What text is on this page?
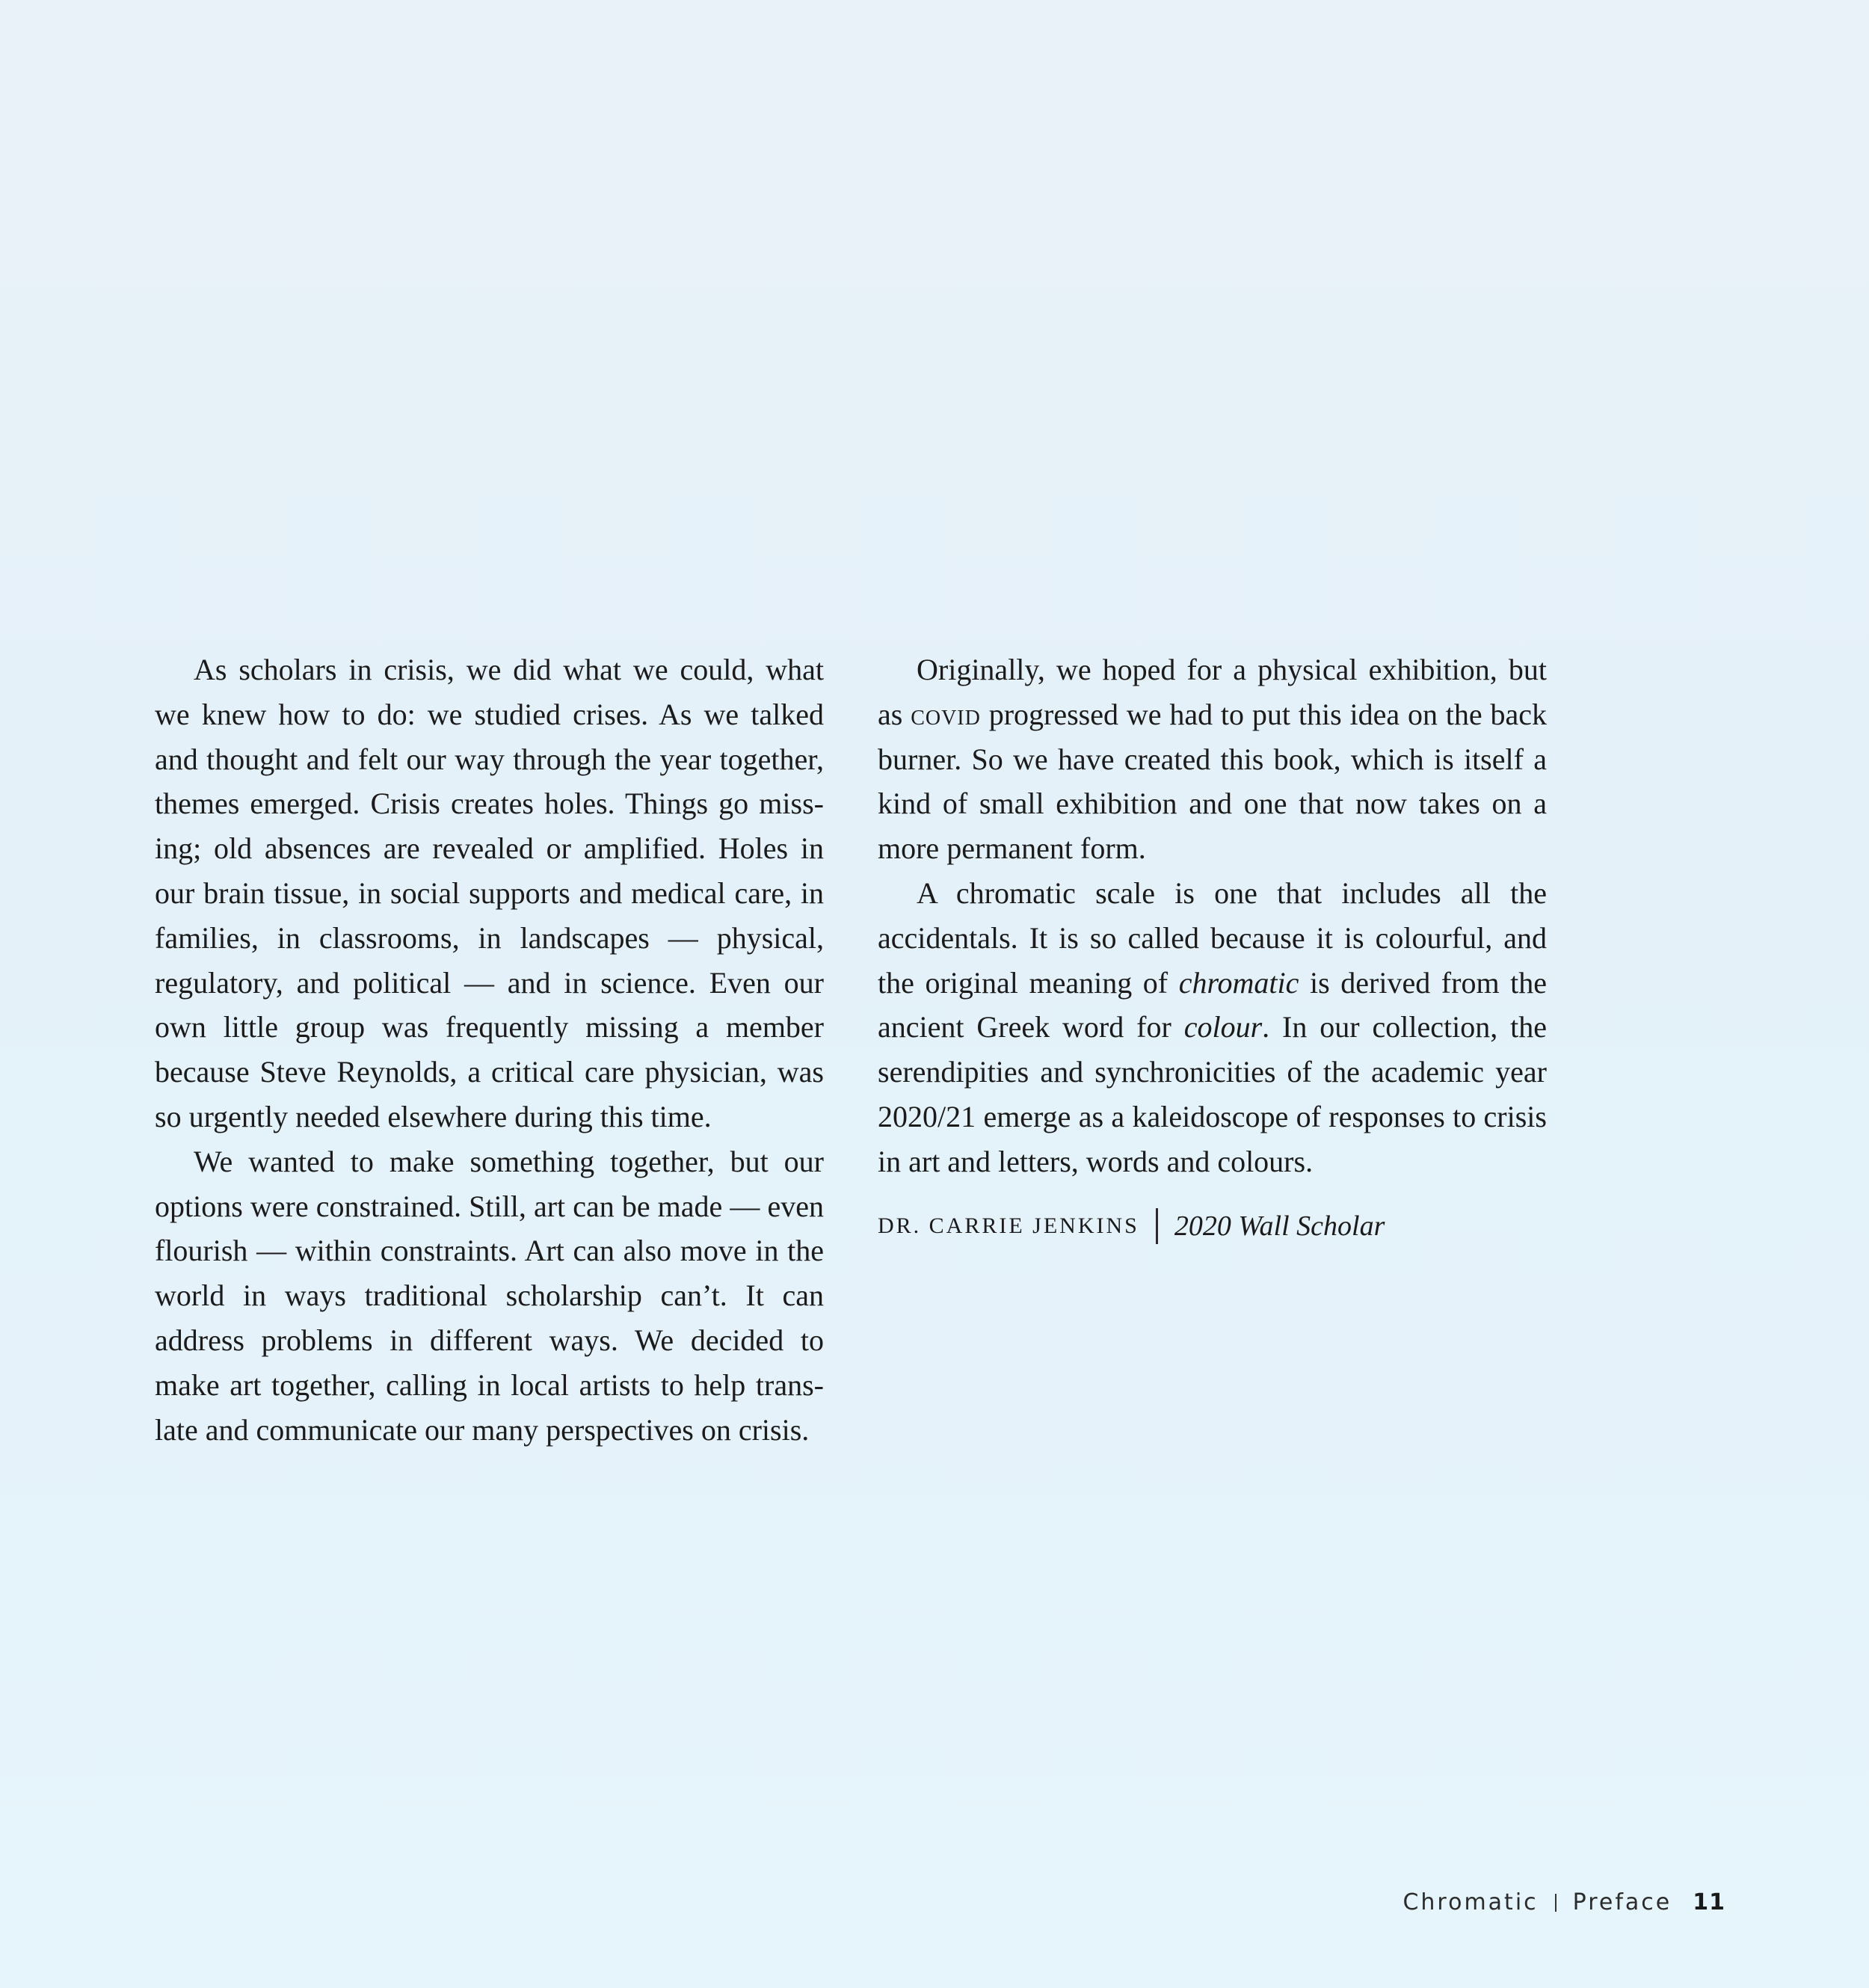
As scholars in crisis, we did what we could, what we knew how to do: we studied crises. As we talked and thought and felt our way through the year together, themes emerged. Crisis creates holes. Things go missing; old absences are revealed or amplified. Holes in our brain tissue, in social supports and medical care, in families, in classrooms, in landscapes — physical, regulatory, and political — and in science. Even our own little group was frequently missing a member because Steve Reynolds, a critical care physician, was so urgently needed elsewhere during this time.

We wanted to make something together, but our options were constrained. Still, art can be made — even flourish — within constraints. Art can also move in the world in ways traditional scholarship can’t. It can address problems in different ways. We decided to make art together, calling in local artists to help translate and communicate our many perspectives on crisis.

Originally, we hoped for a physical exhibition, but as covid progressed we had to put this idea on the back burner. So we have created this book, which is itself a kind of small exhibition and one that now takes on a more permanent form.

A chromatic scale is one that includes all the accidentals. It is so called because it is colourful, and the original meaning of chromatic is derived from the ancient Greek word for colour. In our collection, the serendipities and synchronicities of the academic year 2020/21 emerge as a kaleidoscope of responses to crisis in art and letters, words and colours.

DR. CARRIE JENKINS 2020 Wall Scholar
Chromatic Preface 11
